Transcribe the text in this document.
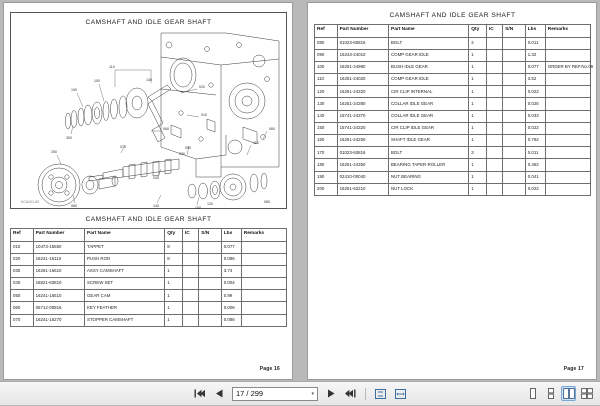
CAMSHAFT AND IDLE GEAR SHAFT
110
130
100
190
300
020
010
060
070
250
040
050
060
110
080	140	100
030
120	080
KCA101-00
CAMSHAFT AND IDLE GEAR SHAFT
Ref	Part Number	Part Name	Qty	IC	S/N	Lbs	Remarks
010	10473-15550	TAPPET	8			0.077	
020	16241-15110	PUSH ROD	8			0.086	
030	16261-16610	ASSY CAMSHAFT	1			3.74	
040	16821-83810	SCREW SET	1			0.004	
050	16241-16510	GEAR CAM	1			0.99	
060	05712-00816	KEY FEATHER	1			0.006	
070	16241-16270	STOPPER CAMSHAFT	1			0.086	
Page 16
CAMSHAFT AND IDLE GEAR SHAFT
Ref	Part Number	Part Name	Qty	IC	S/N	Lbs	Remarks
080	01023-60816	BOLT	2			0.011	
090	15243-24010	COMP GEAR IDLE	1			1.32	
100	16251-24980	BUSH IDLE GEAR	1			0.077	ORDER BY REF.No.09
110	16251-24020	COMP GEAR IDLE	1			3.52	
120	16251-24320	CIR CLIP INTERNAL	1			0.022	
130	16251-24380	COLLAR IDLE GEAR	1			0.026	
140	15741-24370	COLLAR IDLE GEAR	1			0.033	
150	15741-24320	CIR CLIP IDLE GEAR	1			0.022	
160	16251-24250	SHAFT IDLE GEAR	1			0.792	
170	01023-60816	BOLT	3			0.011	
180	16251-24350	BEARING TAPER-ROLLER	1			0.462	
190	02410-00040	NUT BEARING	1			0.041	
200	16251-62210	NUT LOCK	1			0.022	
Page 17
17 / 299	▾
